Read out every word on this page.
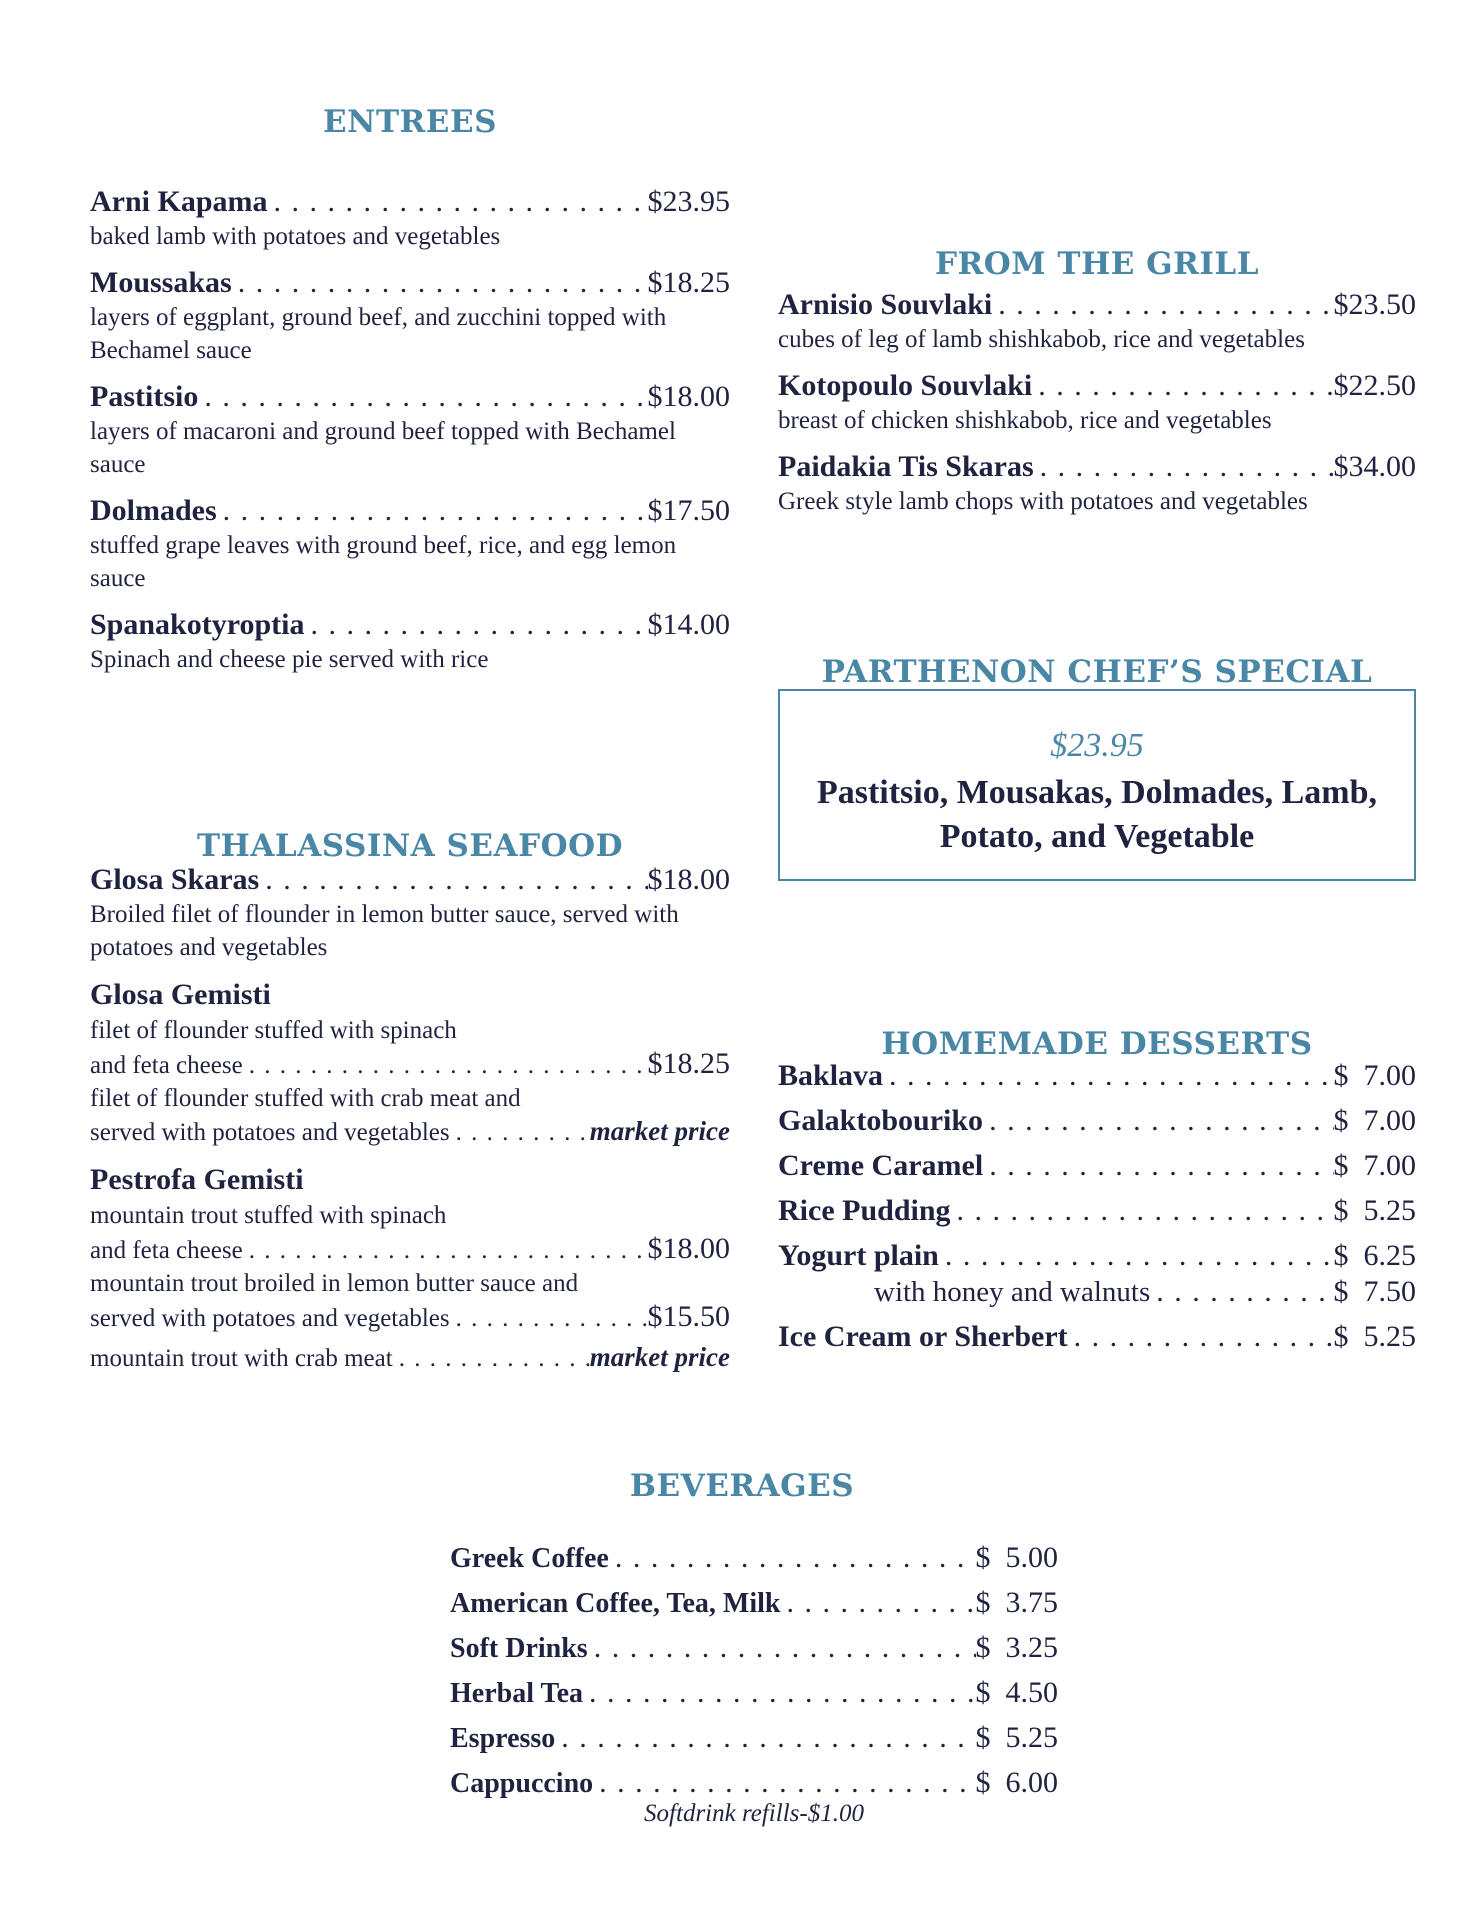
ENTREES
Arni Kapama . . .	$23.95
baked lamb with potatoes and vegetables
Moussakas . . .	$18.25
layers of eggplant, ground beef, and zucchini topped with Bechamel sauce
Pastitsio . . .	$18.00
layers of macaroni and ground beef topped with Bechamel sauce
Dolmades . . .	$17.50
stuffed grape leaves with ground beef, rice, and egg lemon sauce
Spanakotyroptia . . .	$14.00
Spinach and cheese pie served with rice
THALASSINA SEAFOOD
Glosa Skaras . . .	$18.00
Broiled filet of flounder in lemon butter sauce, served with potatoes and vegetables
Glosa Gemisti
filet of flounder stuffed with spinach
and feta cheese . . .	$18.25
filet of flounder stuffed with crab meat and
served with potatoes and vegetables . . .	market price
Pestrofa Gemisti
mountain trout stuffed with spinach
and feta cheese . . .	$18.00
mountain trout broiled in lemon butter sauce and
served with potatoes and vegetables . . .	$15.50
mountain trout with crab meat . . .	market price
FROM THE GRILL
Arnisio Souvlaki . . .	$23.50
cubes of leg of lamb shishkabob, rice and vegetables
Kotopoulo Souvlaki . . .	$22.50
breast of chicken shishkabob, rice and vegetables
Paidakia Tis Skaras . . .	$34.00
Greek style lamb chops with potatoes and vegetables
PARTHENON CHEF’S SPECIAL
$23.95
Pastitsio, Mousakas, Dolmades, Lamb,
Potato, and Vegetable
HOMEMADE DESSERTS
Baklava . . .	$  7.00
Galaktobouriko . . .	$  7.00
Creme Caramel . . .	$  7.00
Rice Pudding . . .	$  5.25
Yogurt plain . . .	$  6.25
with honey and walnuts . . .	$  7.50
Ice Cream or Sherbert . . .	$  5.25
BEVERAGES
Greek Coffee . . .	$  5.00
American Coffee, Tea, Milk . . .	$  3.75
Soft Drinks . . .	$  3.25
Herbal Tea . . .	$  4.50
Espresso . . .	$  5.25
Cappuccino . . .	$  6.00
Softdrink refills-$1.00
